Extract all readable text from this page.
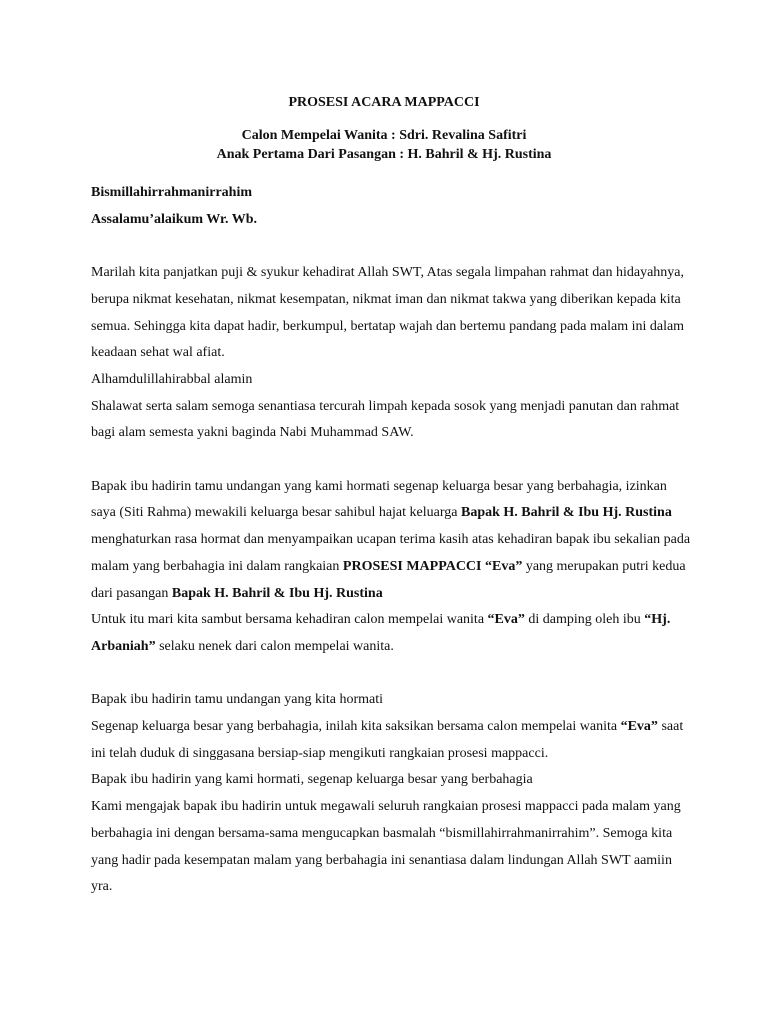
PROSESI ACARA MAPPACCI
Calon Mempelai Wanita : Sdri. Revalina Safitri
Anak Pertama Dari Pasangan : H. Bahril & Hj. Rustina

Bismillahirrahmanirrahim

Assalamu’alaikum Wr. Wb.

Marilah kita panjatkan puji & syukur kehadirat Allah SWT, Atas segala limpahan rahmat dan hidayahnya, berupa nikmat kesehatan, nikmat kesempatan, nikmat iman dan nikmat takwa yang diberikan kepada kita semua. Sehingga kita dapat hadir, berkumpul, bertatap wajah dan bertemu pandang pada malam ini dalam keadaan sehat wal afiat.

Alhamdulillahirabbal alamin

Shalawat serta salam semoga senantiasa tercurah limpah kepada sosok yang menjadi panutan dan rahmat bagi alam semesta yakni baginda Nabi Muhammad SAW.

Bapak ibu hadirin tamu undangan yang kami hormati segenap keluarga besar yang berbahagia, izinkan saya (Siti Rahma) mewakili keluarga besar sahibul hajat keluarga Bapak H. Bahril & Ibu Hj. Rustina menghaturkan rasa hormat dan menyampaikan ucapan terima kasih atas kehadiran bapak ibu sekalian pada malam yang berbahagia ini dalam rangkaian PROSESI MAPPACCI “Eva” yang merupakan putri kedua dari pasangan Bapak H. Bahril & Ibu Hj. Rustina

Untuk itu mari kita sambut bersama kehadiran calon mempelai wanita “Eva” di damping oleh ibu “Hj. Arbaniah” selaku nenek dari calon mempelai wanita.

Bapak ibu hadirin tamu undangan yang kita hormati

Segenap keluarga besar yang berbahagia, inilah kita saksikan bersama calon mempelai wanita “Eva” saat ini telah duduk di singgasana bersiap-siap mengikuti rangkaian prosesi mappacci.

Bapak ibu hadirin yang kami hormati, segenap keluarga besar yang berbahagia

Kami mengajak bapak ibu hadirin untuk megawali seluruh rangkaian prosesi mappacci pada malam yang berbahagia ini dengan bersama-sama mengucapkan basmalah “bismillahirrahmanirrahim”. Semoga kita yang hadir pada kesempatan malam yang berbahagia ini senantiasa dalam lindungan Allah SWT aamiin yra.
